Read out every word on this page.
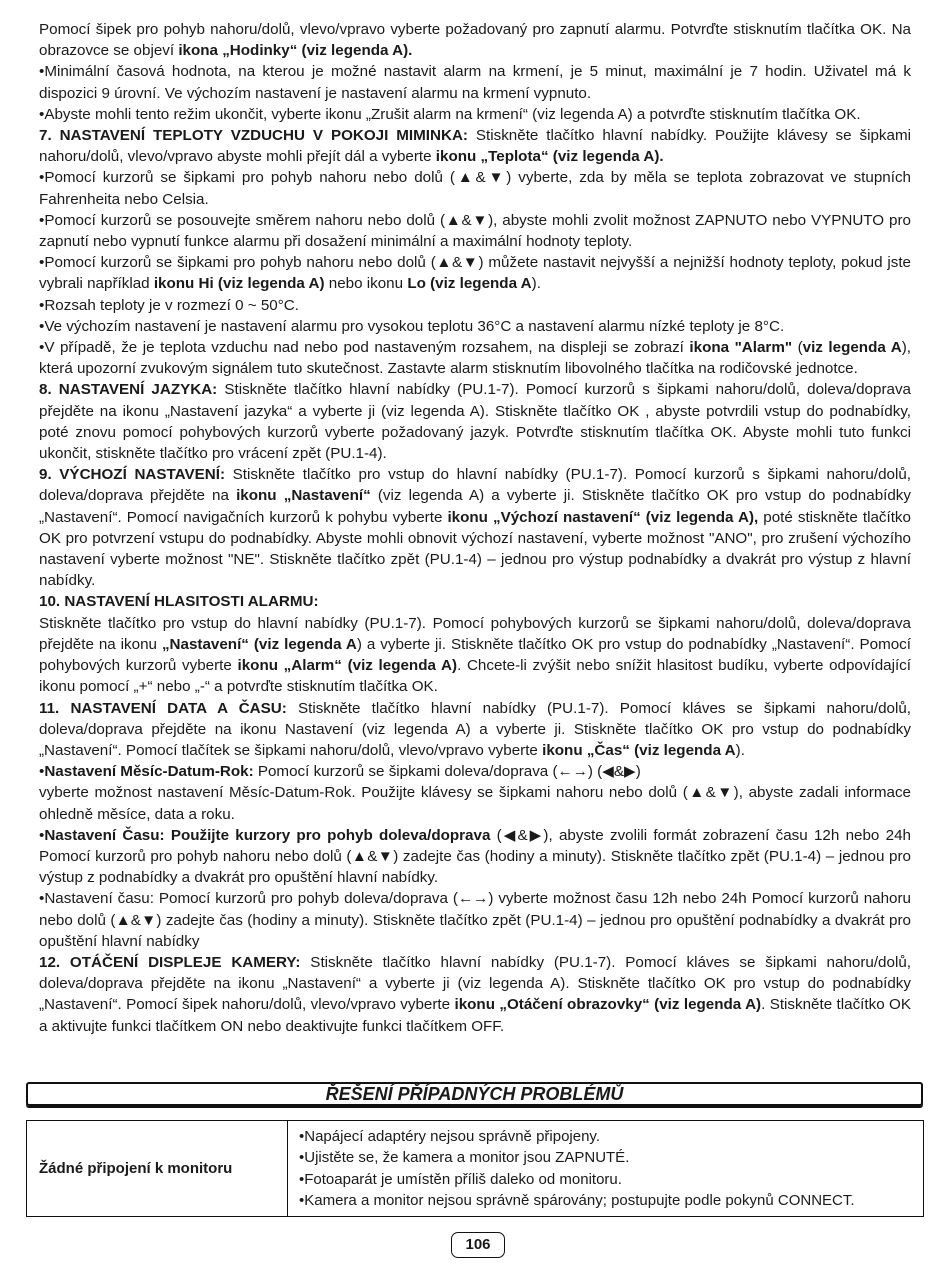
Pomocí šipek pro pohyb nahoru/dolů, vlevo/vpravo vyberte požadovaný pro zapnutí alarmu. Potvrďte stisknutím tlačítka OK. Na obrazovce se objeví ikona „Hodinky“ (viz legenda A).

•Minimální časová hodnota, na kterou je možné nastavit alarm na krmení, je 5 minut, maximální je 7 hodin. Uživatel má k dispozici 9 úrovní. Ve výchozím nastavení je nastavení alarmu na krmení vypnuto.

•Abyste mohli tento režim ukončit, vyberte ikonu „Zrušit alarm na krmení“ (viz legenda A) a potvrďte stisknutím tlačítka OK.

7. NASTAVENÍ TEPLOTY VZDUCHU V POKOJI MIMINKA: Stiskněte tlačítko hlavní nabídky. Použijte klávesy se šipkami nahoru/dolů, vlevo/vpravo abyste mohli přejít dál a vyberte ikonu „Teplota“ (viz legenda A).

•Pomocí kurzorů se šipkami pro pohyb nahoru nebo dolů (▲&▼) vyberte, zda by měla se teplota zobrazovat ve stupních Fahrenheita nebo Celsia.

•Pomocí kurzorů se posouvejte směrem nahoru nebo dolů (▲&▼), abyste mohli zvolit možnost ZAPNUTO nebo VYPNUTO pro zapnutí nebo vypnutí funkce alarmu při dosažení minimální a maximální hodnoty teploty.

•Pomocí kurzorů se šipkami pro pohyb nahoru nebo dolů (▲&▼) můžete nastavit nejvyšší a nejnižší hodnoty teploty, pokud jste vybrali například ikonu Hi (viz legenda A) nebo ikonu Lo (viz legenda A).

•Rozsah teploty je v rozmezí 0 ~ 50°C.

•Ve výchozím nastavení je nastavení alarmu pro vysokou teplotu 36°C a nastavení alarmu nízké teploty je 8°C.

•V případě, že je teplota vzduchu nad nebo pod nastaveným rozsahem, na displeji se zobrazí ikona "Alarm" (viz legenda A), která upozorní zvukovým signálem tuto skutečnost. Zastavte alarm stisknutím libovolného tlačítka na rodičovské jednotce.

8. NASTAVENÍ JAZYKA: Stiskněte tlačítko hlavní nabídky (PU.1-7). Pomocí kurzorů s šipkami nahoru/dolů, doleva/doprava přejděte na ikonu „Nastavení jazyka“ a vyberte ji (viz legenda A). Stiskněte tlačítko OK , abyste potvrdili vstup do podnabídky, poté znovu pomocí pohybových kurzorů vyberte požadovaný jazyk. Potvrďte stisknutím tlačítka OK. Abyste mohli tuto funkci ukončit, stiskněte tlačítko pro vrácení zpět (PU.1-4).

9. VÝCHOZÍ NASTAVENÍ: Stiskněte tlačítko pro vstup do hlavní nabídky (PU.1-7). Pomocí kurzorů s šipkami nahoru/dolů, doleva/doprava přejděte na ikonu „Nastavení“ (viz legenda A) a vyberte ji. Stiskněte tlačítko OK pro vstup do podnabídky „Nastavení“. Pomocí navigačních kurzorů k pohybu vyberte ikonu „Výchozí nastavení“ (viz legenda A), poté stiskněte tlačítko OK pro potvrzení vstupu do podnabídky. Abyste mohli obnovit výchozí nastavení, vyberte možnost "ANO", pro zrušení výchozího nastavení vyberte možnost "NE". Stiskněte tlačítko zpět (PU.1-4) – jednou pro výstup podnabídky a dvakrát pro výstup z hlavní nabídky.

10. NASTAVENÍ HLASITOSTI ALARMU:

Stiskněte tlačítko pro vstup do hlavní nabídky (PU.1-7). Pomocí pohybových kurzorů se šipkami nahoru/dolů, doleva/doprava přejděte na ikonu „Nastavení“ (viz legenda A) a vyberte ji. Stiskněte tlačítko OK pro vstup do podnabídky „Nastavení“. Pomocí pohybových kurzorů vyberte ikonu „Alarm“ (viz legenda A). Chcete-li zvýšit nebo snížit hlasitost budíku, vyberte odpovídající ikonu pomocí „+“ nebo „-“ a potvrďte stisknutím tlačítka OK.

11. NASTAVENÍ DATA A ČASU: Stiskněte tlačítko hlavní nabídky (PU.1-7). Pomocí kláves se šipkami nahoru/dolů, doleva/doprava přejděte na ikonu Nastavení (viz legenda A) a vyberte ji. Stiskněte tlačítko OK pro vstup do podnabídky „Nastavení“. Pomocí tlačítek se šipkami nahoru/dolů, vlevo/vpravo vyberte ikonu „Čas“ (viz legenda A).

•Nastavení Měsíc-Datum-Rok: Pomocí kurzorů se šipkami doleva/doprava (←→) (◀&▶)

vyberte možnost nastavení Měsíc-Datum-Rok. Použijte klávesy se šipkami nahoru nebo dolů (▲&▼), abyste zadali informace ohledně měsíce, data a roku.

•Nastavení Času: Použijte kurzory pro pohyb doleva/doprava (◀&▶), abyste zvolili formát zobrazení času 12h nebo 24h Pomocí kurzorů pro pohyb nahoru nebo dolů (▲&▼) zadejte čas (hodiny a minuty). Stiskněte tlačítko zpět (PU.1-4) – jednou pro výstup z podnabídky a dvakrát pro opuštění hlavní nabídky.

•Nastavení času: Pomocí kurzorů pro pohyb doleva/doprava (←→) vyberte možnost času 12h nebo 24h Pomocí kurzorů nahoru nebo dolů (▲&▼) zadejte čas (hodiny a minuty). Stiskněte tlačítko zpět (PU.1-4) – jednou pro opuštění podnabídky a dvakrát pro opuštění hlavní nabídky

12. OTÁČENÍ DISPLEJE KAMERY: Stiskněte tlačítko hlavní nabídky (PU.1-7). Pomocí kláves se šipkami nahoru/dolů, doleva/doprava přejděte na ikonu „Nastavení“ a vyberte ji (viz legenda A). Stiskněte tlačítko OK pro vstup do podnabídky „Nastavení“. Pomocí šipek nahoru/dolů, vlevo/vpravo vyberte ikonu „Otáčení obrazovky“ (viz legenda A). Stiskněte tlačítko OK a aktivujte funkci tlačítkem ON nebo deaktivujte funkci tlačítkem OFF.

ŘEŠENÍ PŘÍPADNÝCH PROBLÉMŮ
Žádné připojení k monitoru	
•Napájecí adaptéry nejsou správně připojeny.
•Ujistěte se, že kamera a monitor jsou ZAPNUTÉ.
•Fotoaparát je umístěn příliš daleko od monitoru.
•Kamera a monitor nejsou správně spárovány; postupujte podle pokynů CONNECT.
106
